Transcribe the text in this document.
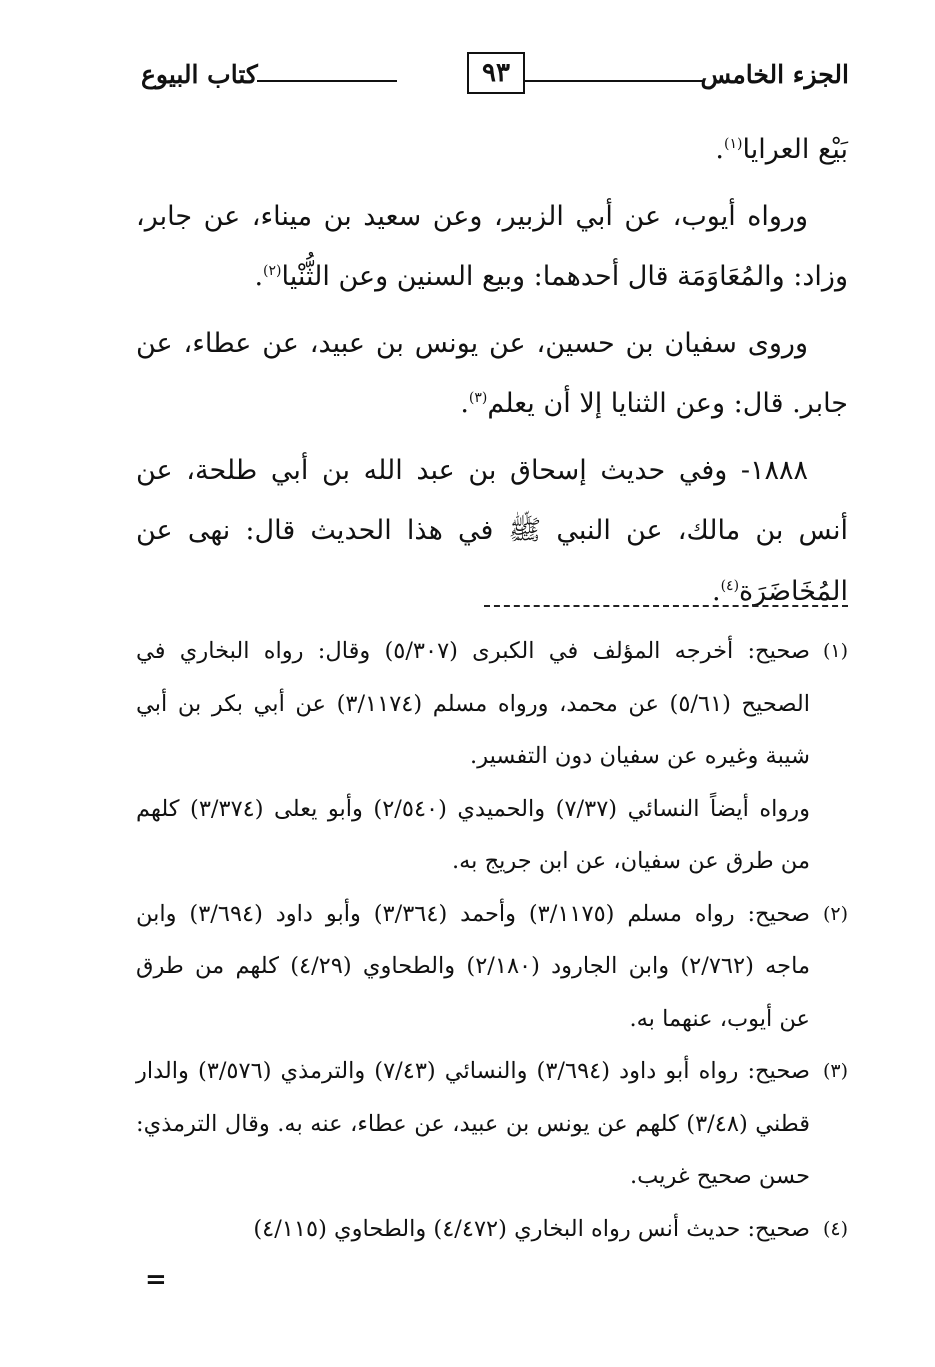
الجزء الخامس
٩٣
كتاب البيوع

بَيْع العرايا$^{(١)}$.

ورواه أيوب، عن أبي الزبير، وعن سعيد بن ميناء، عن جابر، وزاد: والمُعَاوَمَة قال أحدهما: وبيع السنين وعن الثُّنْيا$^{(٢)}$.

وروى سفيان بن حسين، عن يونس بن عبيد، عن عطاء، عن جابر. قال: وعن الثنايا إلا أن يعلم$^{(٣)}$.

١٨٨٨- وفي حديث إسحاق بن عبد الله بن أبي طلحة، عن أنس بن مالك، عن النبي ﷺ في هذا الحديث قال: نهى عن المُخَاضَرَة$^{(٤)}$.

(١)

صحيح: أخرجه المؤلف في الكبرى (٥/٣٠٧) وقال: رواه البخاري في الصحيح (٥/٦١) عن محمد، ورواه مسلم (٣/١١٧٤) عن أبي بكر بن أبي شيبة وغيره عن سفيان دون التفسير.

ورواه أيضاً النسائي (٧/٣٧) والحميدي (٢/٥٤٠) وأبو يعلى (٣/٣٧٤) كلهم من طرق عن سفيان، عن ابن جريج به.

(٢)

صحيح: رواه مسلم (٣/١١٧٥) وأحمد (٣/٣٦٤) وأبو داود (٣/٦٩٤) وابن ماجه (٢/٧٦٢) وابن الجارود (٢/١٨٠) والطحاوي (٤/٢٩) كلهم من طرق عن أيوب، عنهما به.

(٣)

صحيح: رواه أبو داود (٣/٦٩٤) والنسائي (٧/٤٣) والترمذي (٣/٥٧٦) والدار قطني (٣/٤٨) كلهم عن يونس بن عبيد، عن عطاء، عنه به. وقال الترمذي: حسن صحيح غريب.

(٤)

صحيح: حديث أنس رواه البخاري (٤/٤٧٢) والطحاوي (٤/١١٥)

=
